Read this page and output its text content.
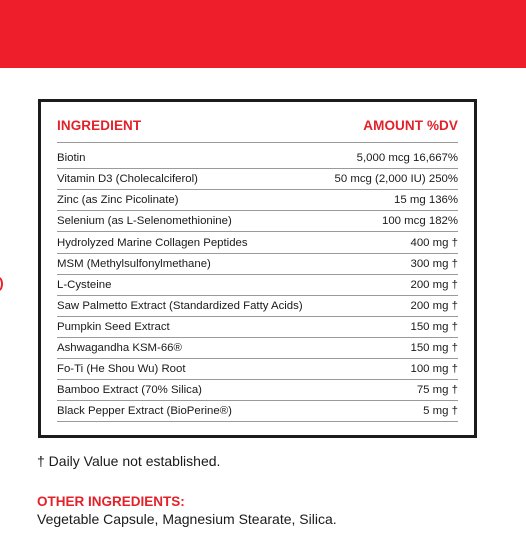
INGREDIENT	AMOUNT %DV
Biotin	5,000 mcg 16,667%
Vitamin D3 (Cholecalciferol)	50 mcg (2,000 IU) 250%
Zinc (as Zinc Picolinate)	15 mg 136%
Selenium (as L-Selenomethionine)	100 mcg 182%
Hydrolyzed Marine Collagen Peptides	400 mg †
MSM (Methylsulfonylmethane)	300 mg †
L-Cysteine	200 mg †
Saw Palmetto Extract (Standardized Fatty Acids)	200 mg †
Pumpkin Seed Extract	150 mg †
Ashwagandha KSM-66®	150 mg †
Fo-Ti (He Shou Wu) Root	100 mg †
Bamboo Extract (70% Silica)	75 mg †
Black Pepper Extract (BioPerine®)	5 mg †
† Daily Value not established.
OTHER INGREDIENTS:
Vegetable Capsule, Magnesium Stearate, Silica.
